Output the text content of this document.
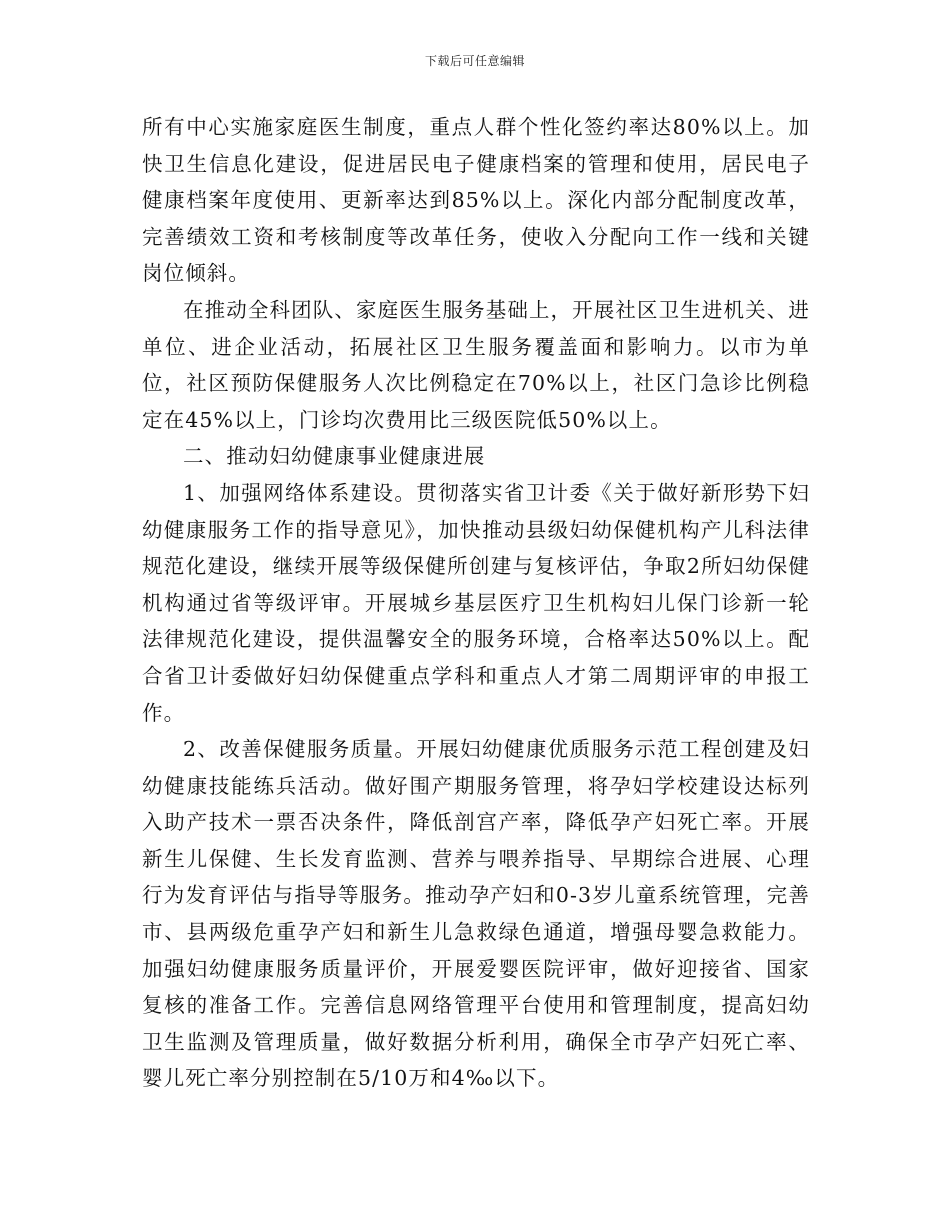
下载后可任意编辑

所有中心实施家庭医生制度，重点人群个性化签约率达80%以上。加快卫生信息化建设，促进居民电子健康档案的管理和使用，居民电子健康档案年度使用、更新率达到85%以上。深化内部分配制度改革，完善绩效工资和考核制度等改革任务，使收入分配向工作一线和关键岗位倾斜。

在推动全科团队、家庭医生服务基础上，开展社区卫生进机关、进单位、进企业活动，拓展社区卫生服务覆盖面和影响力。以市为单位，社区预防保健服务人次比例稳定在70%以上，社区门急诊比例稳定在45%以上，门诊均次费用比三级医院低50%以上。

二、推动妇幼健康事业健康进展

1、加强网络体系建设。贯彻落实省卫计委《关于做好新形势下妇幼健康服务工作的指导意见》，加快推动县级妇幼保健机构产儿科法律规范化建设，继续开展等级保健所创建与复核评估，争取2所妇幼保健机构通过省等级评审。开展城乡基层医疗卫生机构妇儿保门诊新一轮法律规范化建设，提供温馨安全的服务环境，合格率达50%以上。配合省卫计委做好妇幼保健重点学科和重点人才第二周期评审的申报工作。

2、改善保健服务质量。开展妇幼健康优质服务示范工程创建及妇幼健康技能练兵活动。做好围产期服务管理，将孕妇学校建设达标列入助产技术一票否决条件，降低剖宫产率，降低孕产妇死亡率。开展新生儿保健、生长发育监测、营养与喂养指导、早期综合进展、心理行为发育评估与指导等服务。推动孕产妇和0-3岁儿童系统管理，完善市、县两级危重孕产妇和新生儿急救绿色通道，增强母婴急救能力。加强妇幼健康服务质量评价，开展爱婴医院评审，做好迎接省、国家复核的准备工作。完善信息网络管理平台使用和管理制度，提高妇幼卫生监测及管理质量，做好数据分析利用，确保全市孕产妇死亡率、婴儿死亡率分别控制在5/10万和4‰以下。
